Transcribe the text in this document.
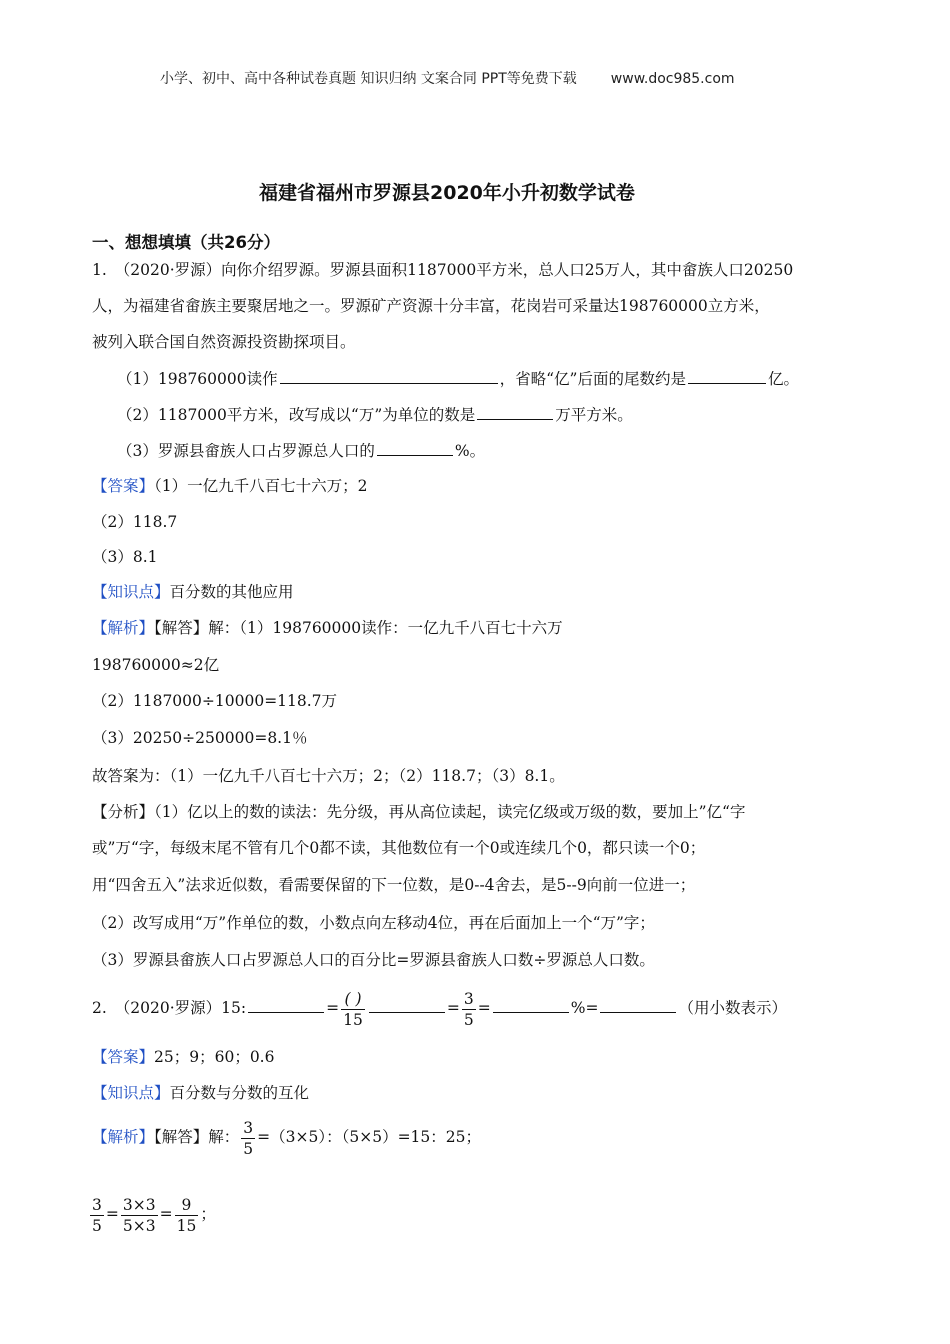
小学、初中、高中各种试卷真题 知识归纳 文案合同 PPT等免费下载 www.doc985.com
福建省福州市罗源县2020年小升初数学试卷
一、想想填填（共26分）
1. （2020·罗源）向你介绍罗源。罗源县面积1187000平方米，总人口25万人，其中畲族人口20250
人，为福建省畲族主要聚居地之一。罗源矿产资源十分丰富，花岗岩可采量达198760000立方米，
被列入联合国自然资源投资勘探项目。
（1）198760000读作	，省略“亿”后面的尾数约是	亿。
（2）1187000平方米，改写成以“万”为单位的数是	万平方米。
（3）罗源县畲族人口占罗源总人口的	%。
【答案】（1）一亿九千八百七十六万；2
（2）118.7
（3）8.1
【知识点】百分数的其他应用
【解析】【解答】解：（1）198760000读作：一亿九千八百七十六万
198760000≈2亿
（2）1187000÷10000=118.7万
（3）20250÷250000=8.1％
故答案为：（1）一亿九千八百七十六万；2；（2）118.7；（3）8.1。
【分析】（1）亿以上的数的读法：先分级，再从高位读起，读完亿级或万级的数，要加上”亿“字
或”万“字，每级末尾不管有几个0都不读，其他数位有一个0或连续几个0，都只读一个0；
用“四舍五入”法求近似数，看需要保留的下一位数，是0--4舍去，是5--9向前一位进一；
（2）改写成用“万”作单位的数，小数点向左移动4位，再在后面加上一个“万”字；
（3）罗源县畲族人口占罗源总人口的百分比=罗源县畲族人口数÷罗源总人口数。
2. （2020·罗源）15:	= $\frac{( )}{15}$	= $\frac{3}{5}$ =	%=	（用小数表示）
【答案】25；9；60；0.6
【知识点】百分数与分数的互化
【解析】【解答】解： $\frac{3}{5} =(3\times 5)$：（5×5）=15：25；
$\frac{3}{5} = \frac{3\times 3}{5\times 3} = \frac{9}{15}$ ；
